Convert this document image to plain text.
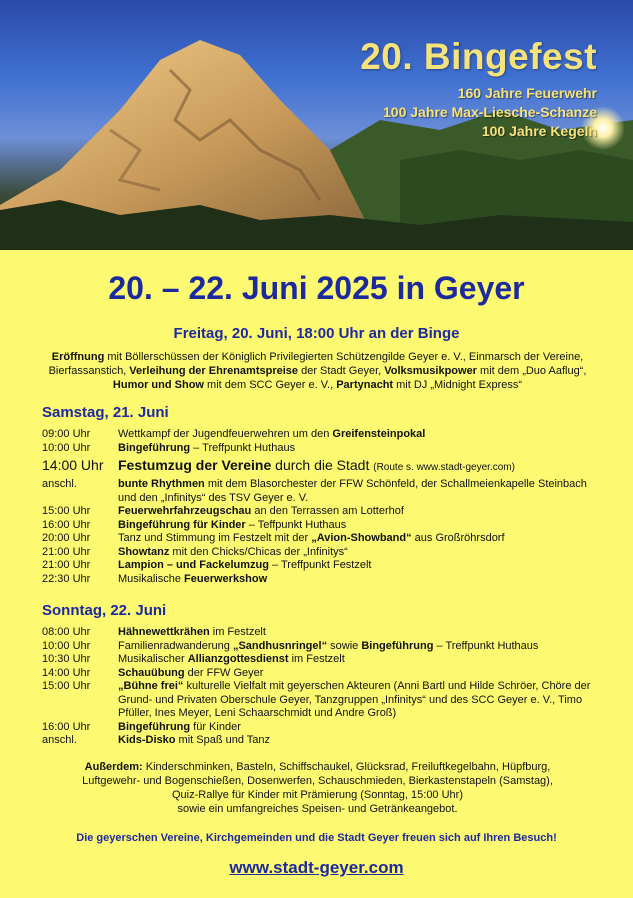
20. Bingefest
160 Jahre Feuerwehr
100 Jahre Max-Liesche-Schanze
100 Jahre Kegeln
20. – 22. Juni 2025 in Geyer
Freitag, 20. Juni, 18:00 Uhr an der Binge
Eröffnung mit Böllerschüssen der Königlich Privilegierten Schützengilde Geyer e. V., Einmarsch der Vereine, Bierfassanstich, Verleihung der Ehrenamtspreise der Stadt Geyer, Volksmusikpower mit dem „Duo Aaflug“, Humor und Show mit dem SCC Geyer e. V., Partynacht mit DJ „Midnight Express“
Samstag, 21. Juni
09:00 Uhr	Wettkampf der Jugendfeuerwehren um den Greifensteinpokal
10:00 Uhr	Bingeführung – Treffpunkt Huthaus
14:00 Uhr	Festumzug der Vereine durch die Stadt (Route s. www.stadt-geyer.com)
anschl.	bunte Rhythmen mit dem Blasorchester der FFW Schönfeld, der Schallmeienkapelle Steinbach und den „Infinitys“ des TSV Geyer e. V.
15:00 Uhr	Feuerwehrfahrzeugschau an den Terrassen am Lotterhof
16:00 Uhr	Bingeführung für Kinder – Teffpunkt Huthaus
20:00 Uhr	Tanz und Stimmung im Festzelt mit der „Avion-Showband“ aus Großröhrsdorf
21:00 Uhr	Showtanz mit den Chicks/Chicas der „Infinitys“
21:00 Uhr	Lampion – und Fackelumzug – Treffpunkt Festzelt
22:30 Uhr	Musikalische Feuerwerkshow
Sonntag, 22. Juni
08:00 Uhr	Hähnewettkrähen im Festzelt
10:00 Uhr	Familienradwanderung „Sandhusnringel“ sowie Bingeführung – Treffpunkt Huthaus
10:30 Uhr	Musikalischer Allianzgottesdienst im Festzelt
14:00 Uhr	Schauübung der FFW Geyer
15:00 Uhr	„Bühne frei“ kulturelle Vielfalt mit geyerschen Akteuren (Anni Bartl und Hilde Schröer, Chöre der Grund- und Privaten Oberschule Geyer, Tanzgruppen „Infinitys“ und des SCC Geyer e. V., Timo Pfüller, Ines Meyer, Leni Schaarschmidt und Andre Groß)
16:00 Uhr	Bingeführung für Kinder
anschl.	Kids-Disko mit Spaß und Tanz
Außerdem: Kinderschminken, Basteln, Schiffschaukel, Glücksrad, Freiluftkegelbahn, Hüpfburg,
Luftgewehr- und Bogenschießen, Dosenwerfen, Schauschmieden, Bierkastenstapeln (Samstag),
Quiz-Rallye für Kinder mit Prämierung (Sonntag, 15:00 Uhr)
sowie ein umfangreiches Speisen- und Getränkeangebot.
Die geyerschen Vereine, Kirchgemeinden und die Stadt Geyer freuen sich auf Ihren Besuch!
www.stadt-geyer.com
